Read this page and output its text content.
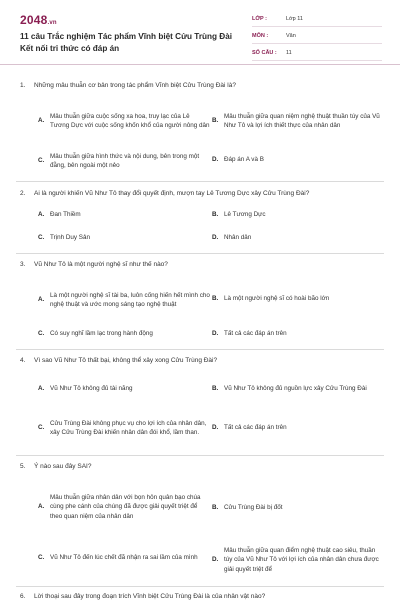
2048.vn
11 câu Trắc nghiệm Tác phẩm Vĩnh biệt Cửu Trùng Đài Kết nối tri thức có đáp án
LỚP :	Lớp 11
MÔN :	Văn
SỐ CÂU :	11
1.	Những mâu thuẫn cơ bản trong tác phẩm Vĩnh biệt Cửu Trùng Đài là?
A.
Mâu thuẫn giữa cuộc sống xa hoa, truy lạc của Lê Tương Dực với cuộc sống khốn khổ của người nông dân
B.
Mâu thuẫn giữa quan niệm nghệ thuật thuần túy của Vũ Như Tô và lợi ích thiết thực của nhân dân
C.
Mâu thuẫn giữa hình thức và nội dung, bên trong một đằng, bên ngoài một nẻo
D. Đáp án A và B
2.	Ai là người khiến Vũ Như Tô thay đổi quyết định, mượn tay Lê Tương Dực xây Cửu Trùng Đài?
A. Đan Thiềm	B. Lê Tương Dực
C. Trịnh Duy Sản	D. Nhân dân
3.	Vũ Như Tô là một người nghệ sĩ như thế nào?
A.
Là một người nghệ sĩ tài ba, luôn cống hiến hết mình cho nghệ thuật và ước mong sáng tạo nghệ thuật
B. Là một người nghệ sĩ có hoài bão lớn
C. Có suy nghĩ lầm lạc trong hành động	D. Tất cả các đáp án trên
4.	Vì sao Vũ Như Tô thất bại, không thể xây xong Cửu Trùng Đài?
A. Vũ Như Tô không đủ tài năng	B. Vũ Như Tô không đủ nguồn lực xây Cửu Trùng Đài
C.
Cửu Trùng Đài không phục vụ cho lợi ích của nhân dân, xây Cửu Trùng Đài khiến nhân dân đói khổ, lầm than.
D. Tất cả các đáp án trên
5.	Ý nào sau đây SAI?
A.
Mâu thuẫn giữa nhân dân với bọn hôn quân bạo chúa cùng phe cánh của chúng đã được giải quyết triệt để theo quan niệm của nhân dân
B. Cửu Trùng Đài bị đốt
C. Vũ Như Tô đến lúc chết đã nhận ra sai lầm của mình	D.
Mâu thuẫn giữa quan điểm nghệ thuật cao siêu, thuần túy của Vũ Như Tô với lợi ích của nhân dân chưa được giải quyết triệt để
6.	Lời thoại sau đây trong đoạn trích Vĩnh biệt Cửu Trùng Đài là của nhân vật nào?
